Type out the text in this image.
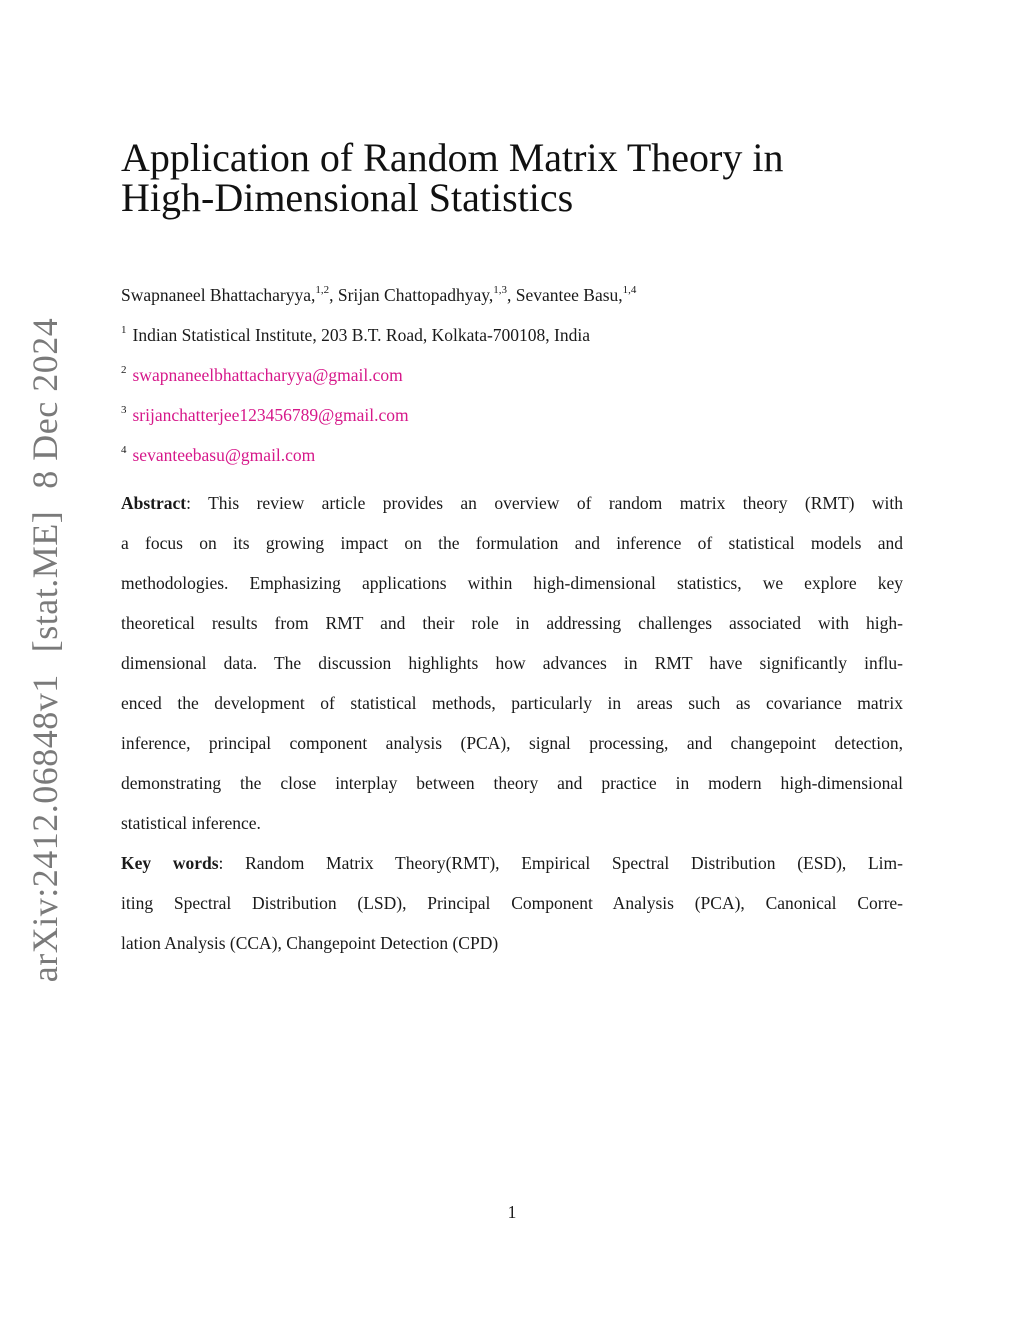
arXiv:2412.06848v1[stat.ME]8 Dec 2024
Application of Random Matrix Theory in
High-Dimensional Statistics
Swapnaneel Bhattacharyya,$^{1,2}$, Srijan Chattopadhyay,$^{1,3}$, Sevantee Basu,$^{1,4}$
$^1$ Indian Statistical Institute, 203 B.T. Road, Kolkata-700108, India
$^2$ swapnaneelbhattacharyya@gmail.com
$^3$ srijanchatterjee123456789@gmail.com
$^4$ sevanteebasu@gmail.com
Abstract: This review article provides an overview of random matrix theory (RMT) with
a focus on its growing impact on the formulation and inference of statistical models and
methodologies. Emphasizing applications within high-dimensional statistics, we explore key
theoretical results from RMT and their role in addressing challenges associated with high-
dimensional data. The discussion highlights how advances in RMT have significantly influ-
enced the development of statistical methods, particularly in areas such as covariance matrix
inference, principal component analysis (PCA), signal processing, and changepoint detection,
demonstrating the close interplay between theory and practice in modern high-dimensional
statistical inference.
Key words: Random Matrix Theory(RMT), Empirical Spectral Distribution (ESD), Lim-
iting Spectral Distribution (LSD), Principal Component Analysis (PCA), Canonical Corre-
lation Analysis (CCA), Changepoint Detection (CPD)
1
